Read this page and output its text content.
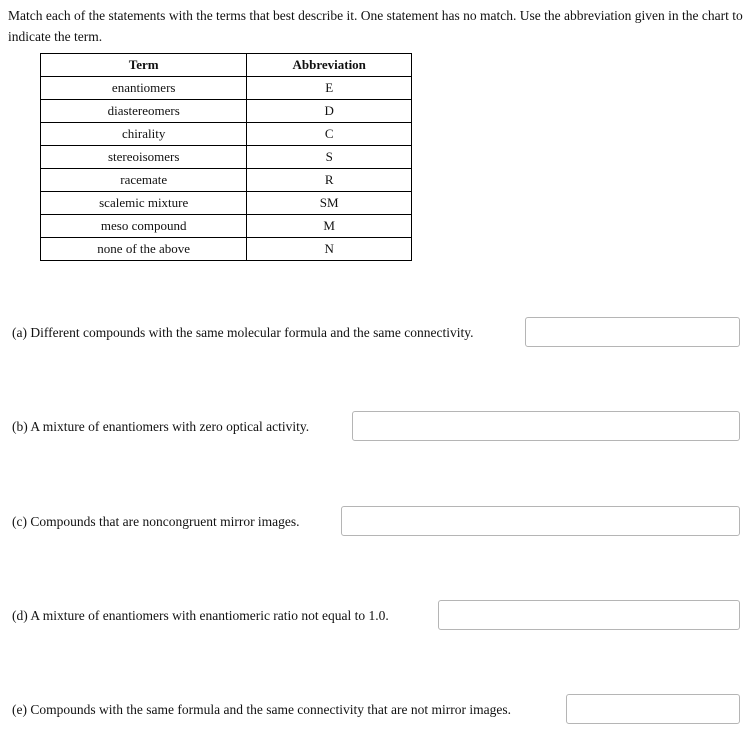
Match each of the statements with the terms that best describe it. One statement has no match. Use the abbreviation given in the chart to indicate the term.
Term	Abbreviation
enantiomers	E
diastereomers	D
chirality	C
stereoisomers	S
racemate	R
scalemic mixture	SM
meso compound	M
none of the above	N
(a) Different compounds with the same molecular formula and the same connectivity.
(b) A mixture of enantiomers with zero optical activity.
(c) Compounds that are noncongruent mirror images.
(d) A mixture of enantiomers with enantiomeric ratio not equal to 1.0.
(e) Compounds with the same formula and the same connectivity that are not mirror images.
